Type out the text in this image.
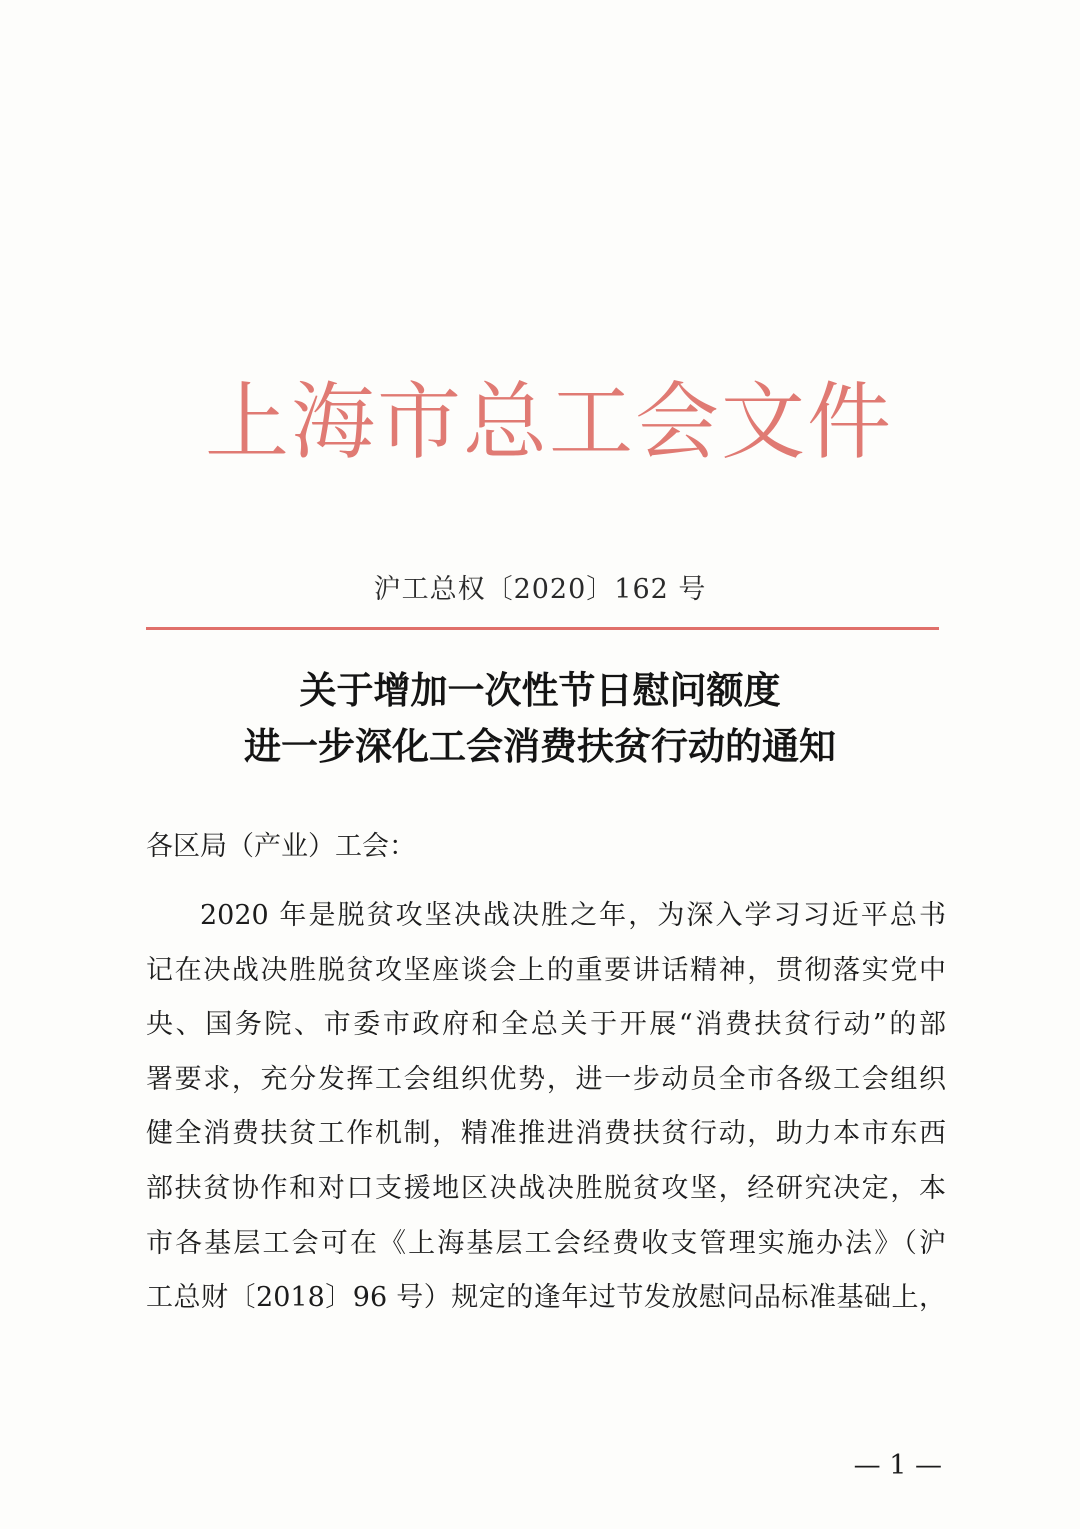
上海市总工会文件
沪工总权〔2020〕162 号
关于增加一次性节日慰问额度
进一步深化工会消费扶贫行动的通知
各区局（产业）工会：
2020 年是脱贫攻坚决战决胜之年，为深入学习习近平总书
记在决战决胜脱贫攻坚座谈会上的重要讲话精神，贯彻落实党中
央、国务院、市委市政府和全总关于开展“消费扶贫行动”的部
署要求，充分发挥工会组织优势，进一步动员全市各级工会组织
健全消费扶贫工作机制，精准推进消费扶贫行动，助力本市东西
部扶贫协作和对口支援地区决战决胜脱贫攻坚，经研究决定，本
市各基层工会可在《上海基层工会经费收支管理实施办法》（沪
工总财〔2018〕96 号）规定的逢年过节发放慰问品标准基础上，
— 1 —
